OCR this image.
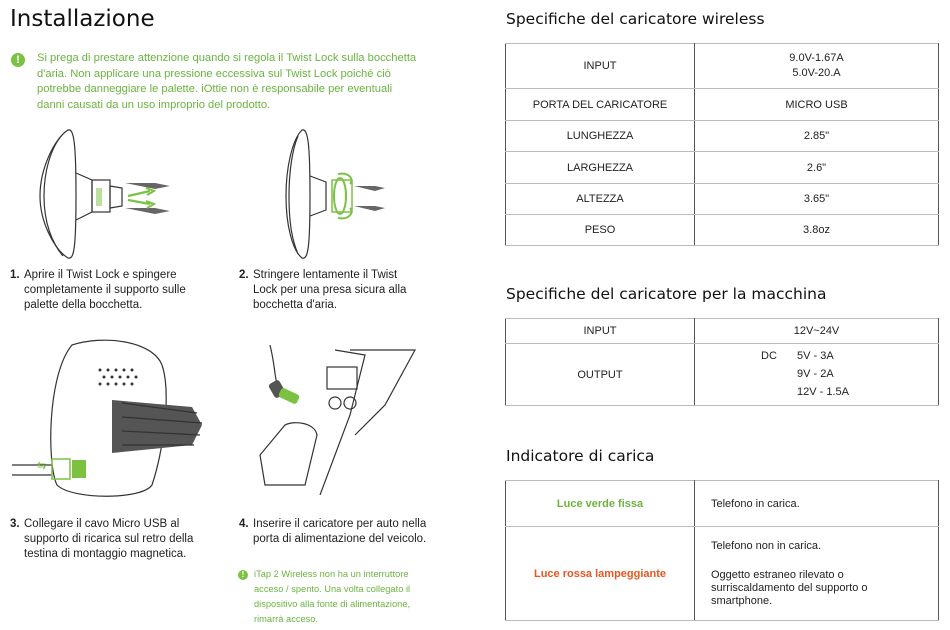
Installazione
!	Si prega di prestare attenzione quando si regola il Twist Lock sulla bocchetta d'aria. Non applicare una pressione eccessiva sul Twist Lock poiché ciò potrebbe danneggiare le palette. iOttie non è responsabile per eventuali danni causati da un uso improprio del prodotto.
1. Aprire il Twist Lock e spingere completamente il supporto sulle palette della bocchetta.
2. Stringere lentamente il Twist Lock per una presa sicura alla bocchetta d'aria.
⇆
3. Collegare il cavo Micro USB al supporto di ricarica sul retro della testina di montaggio magnetica.
4. Inserire il caricatore per auto nella porta di alimentazione del veicolo.
!	iTap 2 Wireless non ha un interruttore acceso / spento. Una volta collegato il dispositivo alla fonte di alimentazione, rimarrà acceso.
Specifiche del caricatore wireless
INPUT	9.0V-1.67A
5.0V-20.A
PORTA DEL CARICATORE	MICRO USB
LUNGHEZZA	2.85"
LARGHEZZA	2.6"
ALTEZZA	3.65"
PESO	3.8oz
Specifiche del caricatore per la macchina
INPUT	12V~24V
OUTPUT	DC 5V - 3A
9V - 2A
12V - 1.5A
Indicatore di carica
Luce verde fissa	Telefono in carica.
Luce rossa lampeggiante	Telefono non in carica.
Oggetto estraneo rilevato o surriscaldamento del supporto o smartphone.
